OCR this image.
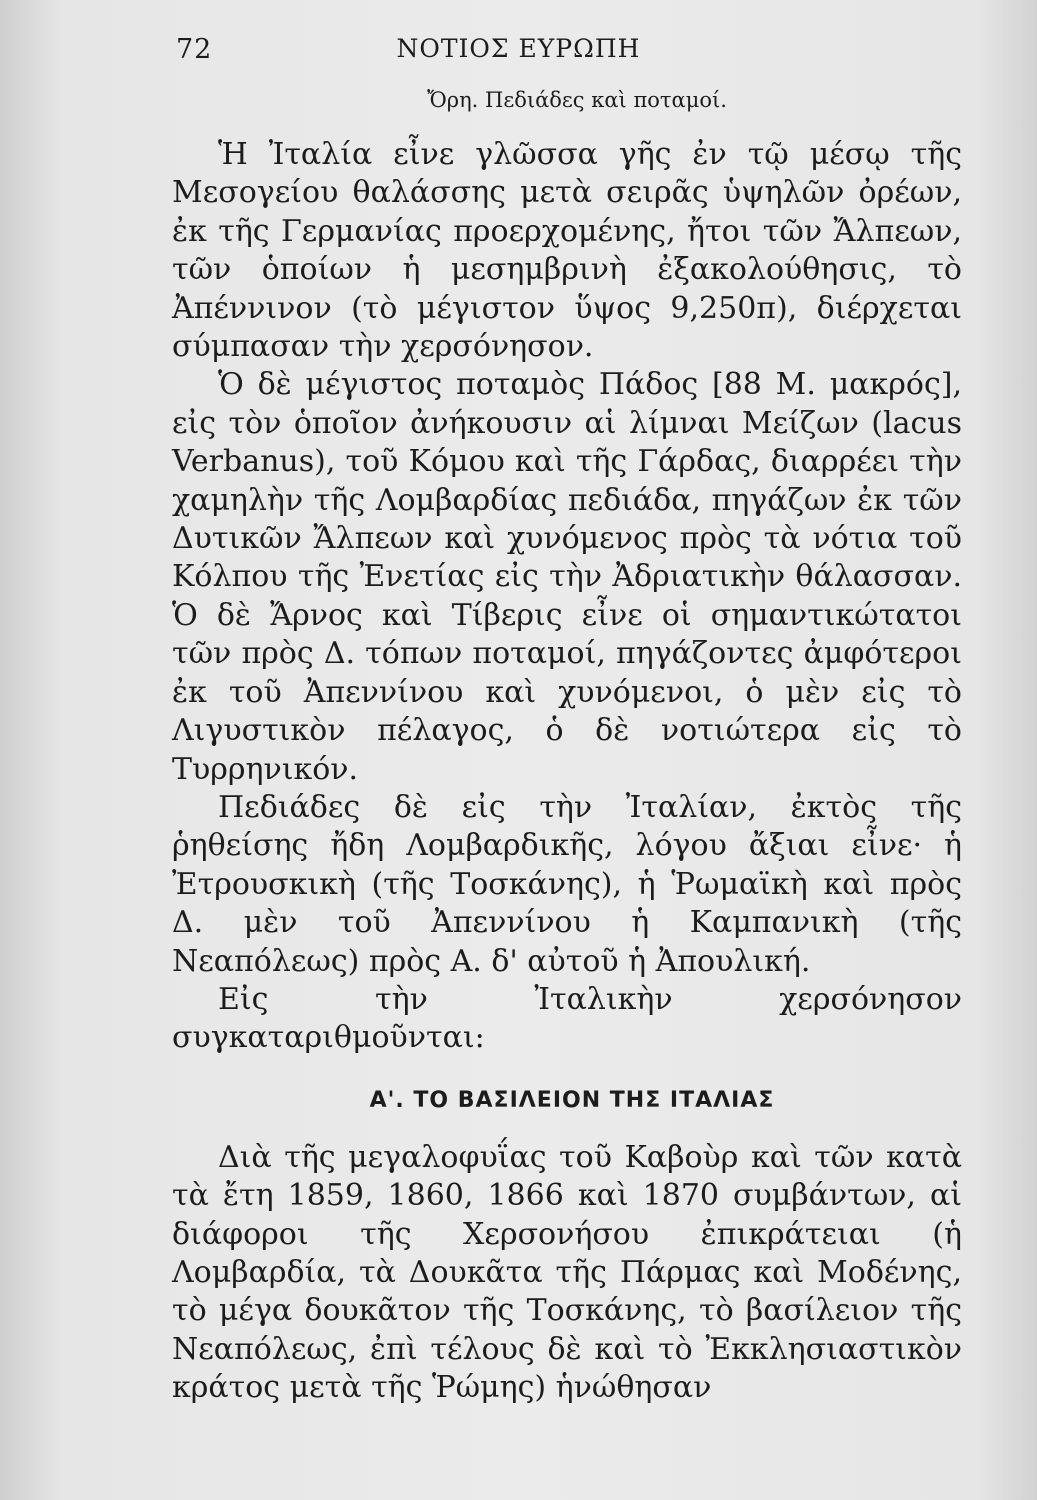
72	ΝΟΤΙΟΣ ΕΥΡΩΠΗ
Ὄρη. Πεδιάδες καὶ ποταμοί.

Ἡ Ἰταλία εἶνε γλῶσσα γῆς ἐν τῷ μέσῳ τῆς Μεσογείου θαλάσσης μετὰ σειρᾶς ὑψηλῶν ὀρέων, ἐκ τῆς Γερμανίας προερχομένης, ἤτοι τῶν Ἄλπεων, τῶν ὁποίων ἡ μεσημβρινὴ ἐξακολούθησις, τὸ Ἀπέννινον (τὸ μέγιστον ὕψος 9,250π), διέρχεται σύμπασαν τὴν χερσόνησον.

Ὁ δὲ μέγιστος ποταμὸς Πάδος [88 Μ. μακρός], εἰς τὸν ὁποῖον ἀνήκουσιν αἱ λίμναι Μείζων (lacus Verbanus), τοῦ Κόμου καὶ τῆς Γάρδας, διαρρέει τὴν χαμηλὴν τῆς Λομβαρδίας πεδιάδα, πηγάζων ἐκ τῶν Δυτικῶν Ἄλπεων καὶ χυνόμενος πρὸς τὰ νότια τοῦ Κόλπου τῆς Ἐνετίας εἰς τὴν Ἀδριατικὴν θάλασσαν. Ὁ δὲ Ἄρνος καὶ Τίβερις εἶνε οἱ σημαντικώτατοι τῶν πρὸς Δ. τόπων ποταμοί, πηγάζοντες ἀμφότεροι ἐκ τοῦ Ἀπεννίνου καὶ χυνόμενοι, ὁ μὲν εἰς τὸ Λιγυστικὸν πέλαγος, ὁ δὲ νοτιώτερα εἰς τὸ Τυρρηνικόν.

Πεδιάδες δὲ εἰς τὴν Ἰταλίαν, ἐκτὸς τῆς ῥηθείσης ἤδη Λομβαρδικῆς, λόγου ἄξιαι εἶνε· ἡ Ἐτρουσκικὴ (τῆς Τοσκάνης), ἡ Ῥωμαϊκὴ καὶ πρὸς Δ. μὲν τοῦ Ἀπεννίνου ἡ Καμπανικὴ (τῆς Νεαπόλεως) πρὸς Α. δ' αὐτοῦ ἡ Ἀπουλική.

Εἰς τὴν Ἰταλικὴν χερσόνησον συγκαταριθμοῦνται:

Α'. ΤΟ ΒΑΣΙΛΕΙΟΝ ΤΗΣ ΙΤΑΛΙΑΣ

Διὰ τῆς μεγαλοφυΐας τοῦ Καβοὺρ καὶ τῶν κατὰ τὰ ἔτη 1859, 1860, 1866 καὶ 1870 συμβάντων, αἱ διάφοροι τῆς Χερσονήσου ἐπικράτειαι (ἡ Λομβαρδία, τὰ Δουκᾶτα τῆς Πάρμας καὶ Μοδένης, τὸ μέγα δουκᾶτον τῆς Τοσκάνης, τὸ βασίλειον τῆς Νεαπόλεως, ἐπὶ τέλους δὲ καὶ τὸ Ἐκκλησιαστικὸν κράτος μετὰ τῆς Ῥώμης) ἡνώθησαν
